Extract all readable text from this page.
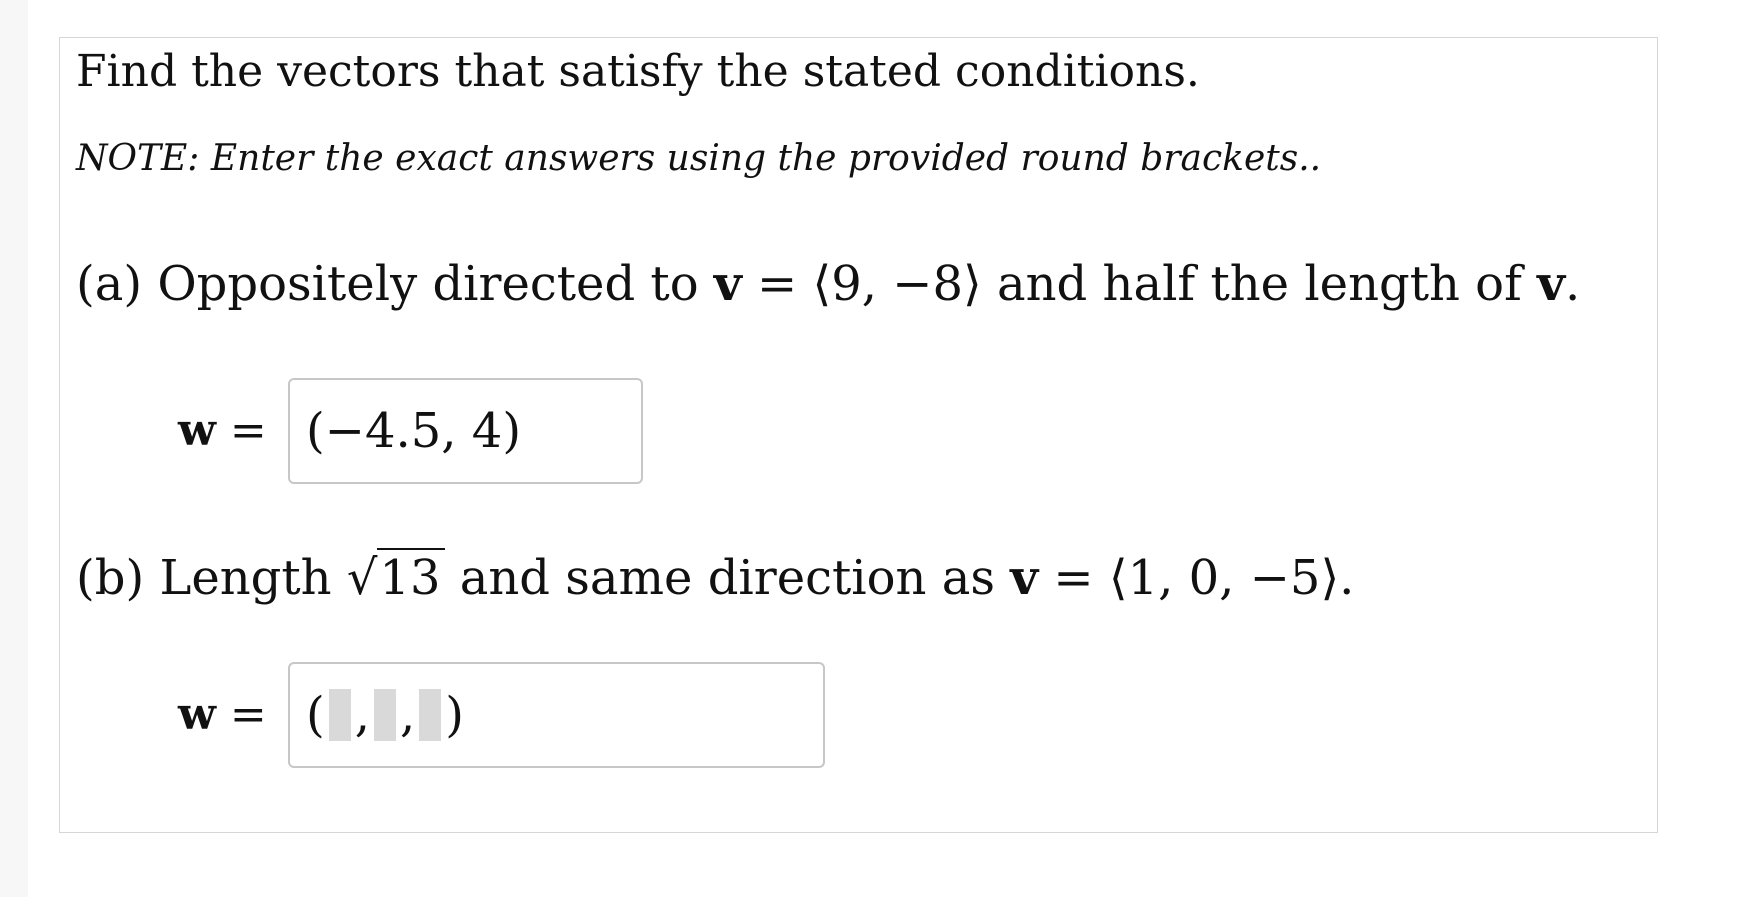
Find the vectors that satisfy the stated conditions.
NOTE: Enter the exact answers using the provided round brackets..
(a) Oppositely directed to v = ⟨9, −8⟩ and half the length of v.
w = (−4.5, 4)
(b) Length √13 and same direction as v = ⟨1, 0, −5⟩.
w = ( , , )
